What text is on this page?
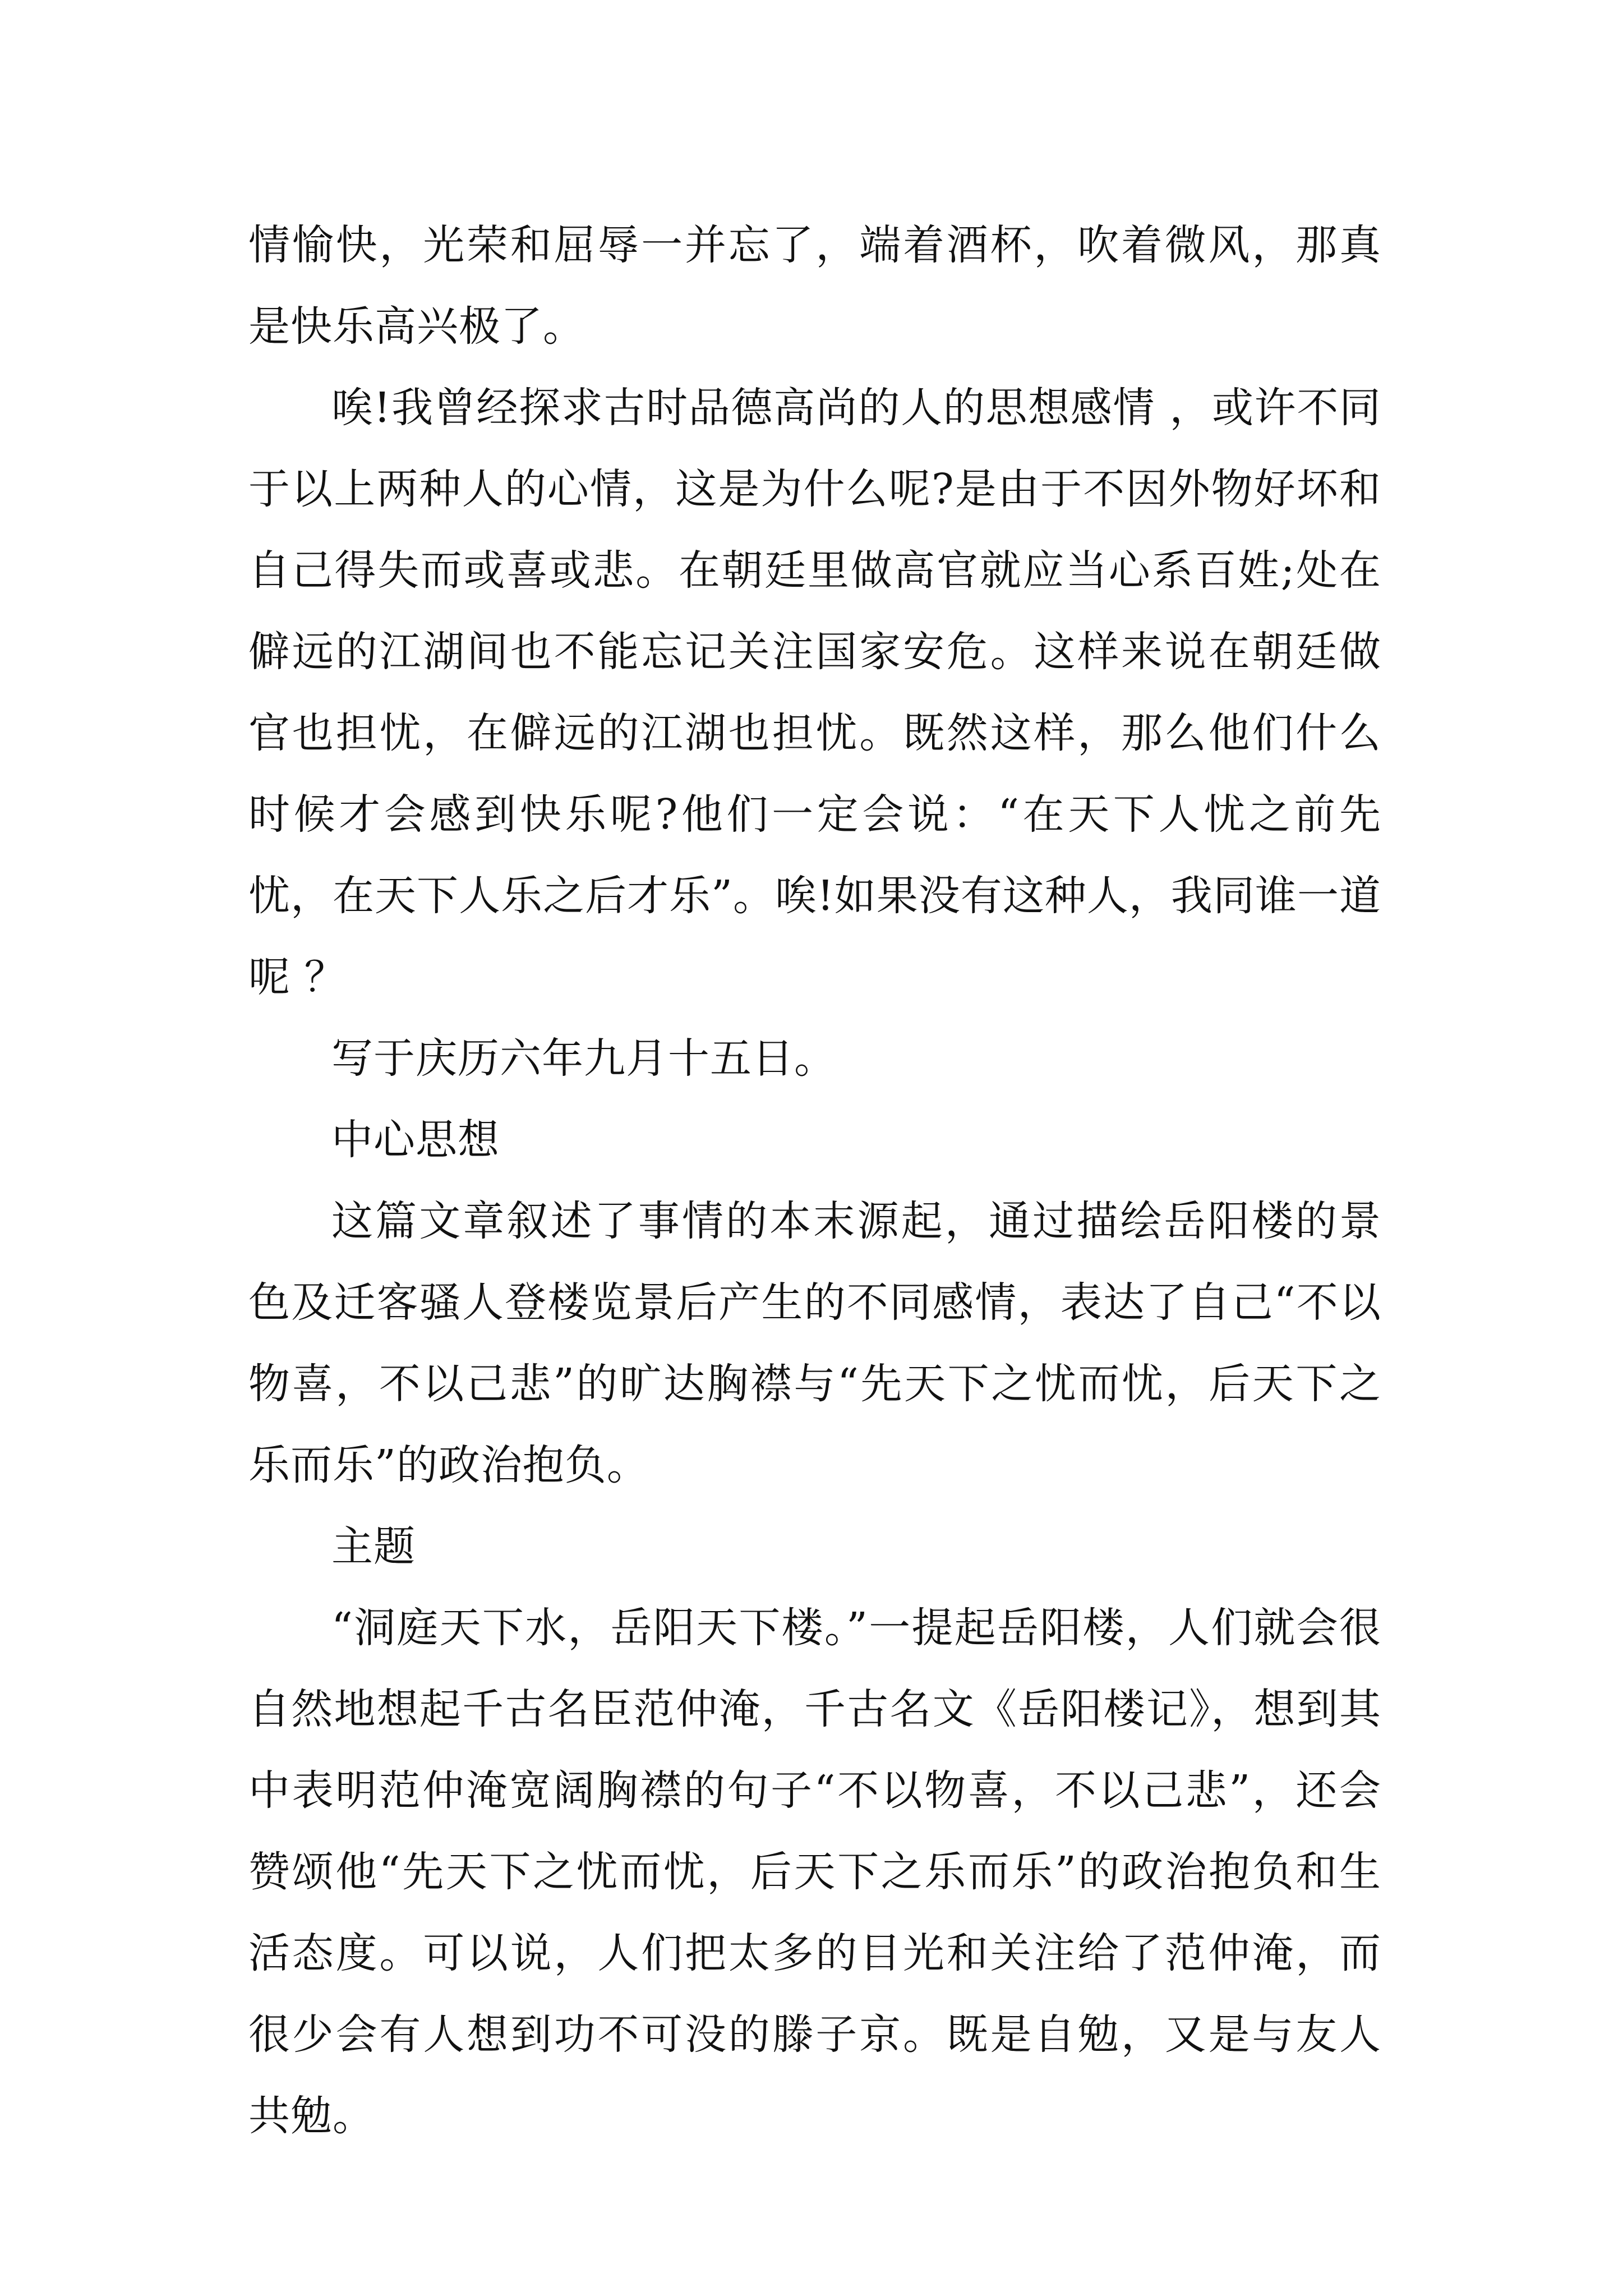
情愉快，光荣和屈辱一并忘了，端着酒杯，吹着微风，那真是快乐高兴极了。

唉!我曾经探求古时品德高尚的人的思想感情 ，或许不同于以上两种人的心情，这是为什么呢?是由于不因外物好坏和自己得失而或喜或悲。在朝廷里做高官就应当心系百姓;处在僻远的江湖间也不能忘记关注国家安危。这样来说在朝廷做官也担忧，在僻远的江湖也担忧。既然这样，那么他们什么时候才会感到快乐呢?他们一定会说：“在天下人忧之前先忧，在天下人乐之后才乐”。唉!如果没有这种人，我同谁一道呢 ？

写于庆历六年九月十五日。

中心思想

这篇文章叙述了事情的本末源起，通过描绘岳阳楼的景色及迁客骚人登楼览景后产生的不同感情，表达了自己“不以物喜，不以己悲”的旷达胸襟与“先天下之忧而忧，后天下之乐而乐”的政治抱负。

主题

“洞庭天下水，岳阳天下楼。”一提起岳阳楼，人们就会很自然地想起千古名臣范仲淹，千古名文《岳阳楼记》，想到其中表明范仲淹宽阔胸襟的句子“不以物喜，不以己悲”，还会赞颂他“先天下之忧而忧，后天下之乐而乐”的政治抱负和生活态度。可以说，人们把太多的目光和关注给了范仲淹，而很少会有人想到功不可没的滕子京。既是自勉，又是与友人共勉。
